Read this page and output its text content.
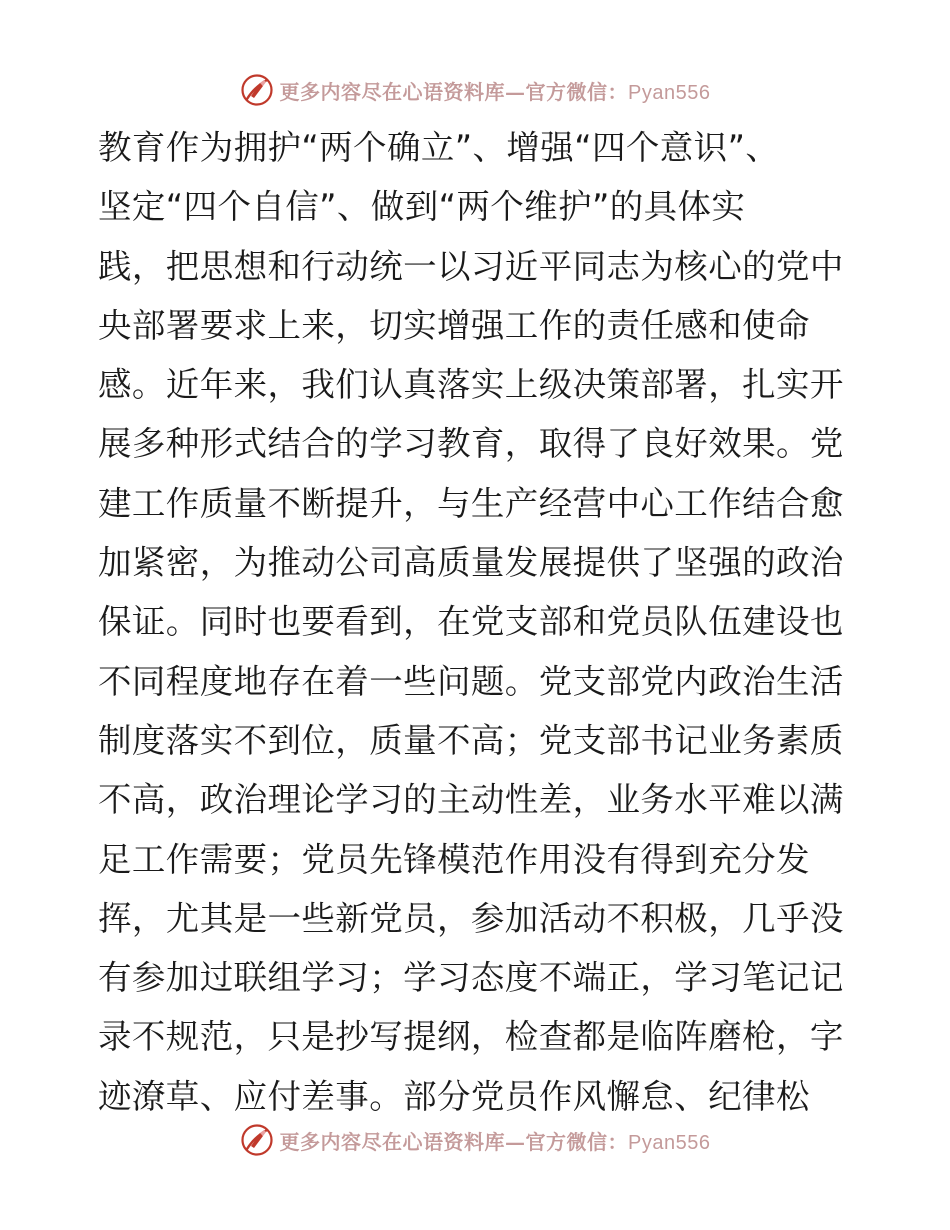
更多内容尽在心语资料库—官方微信：Pyan556
教育作为拥护“两个确立”、增强“四个意识”、
坚定“四个自信”、做到“两个维护”的具体实
践，把思想和行动统一以习近平同志为核心的党中
央部署要求上来，切实增强工作的责任感和使命
感。近年来，我们认真落实上级决策部署，扎实开
展多种形式结合的学习教育，取得了良好效果。党
建工作质量不断提升，与生产经营中心工作结合愈
加紧密，为推动公司高质量发展提供了坚强的政治
保证。同时也要看到，在党支部和党员队伍建设也
不同程度地存在着一些问题。党支部党内政治生活
制度落实不到位，质量不高；党支部书记业务素质
不高，政治理论学习的主动性差，业务水平难以满
足工作需要；党员先锋模范作用没有得到充分发
挥，尤其是一些新党员，参加活动不积极，几乎没
有参加过联组学习；学习态度不端正，学习笔记记
录不规范，只是抄写提纲，检查都是临阵磨枪，字
迹潦草、应付差事。部分党员作风懈怠、纪律松
更多内容尽在心语资料库—官方微信：Pyan556
